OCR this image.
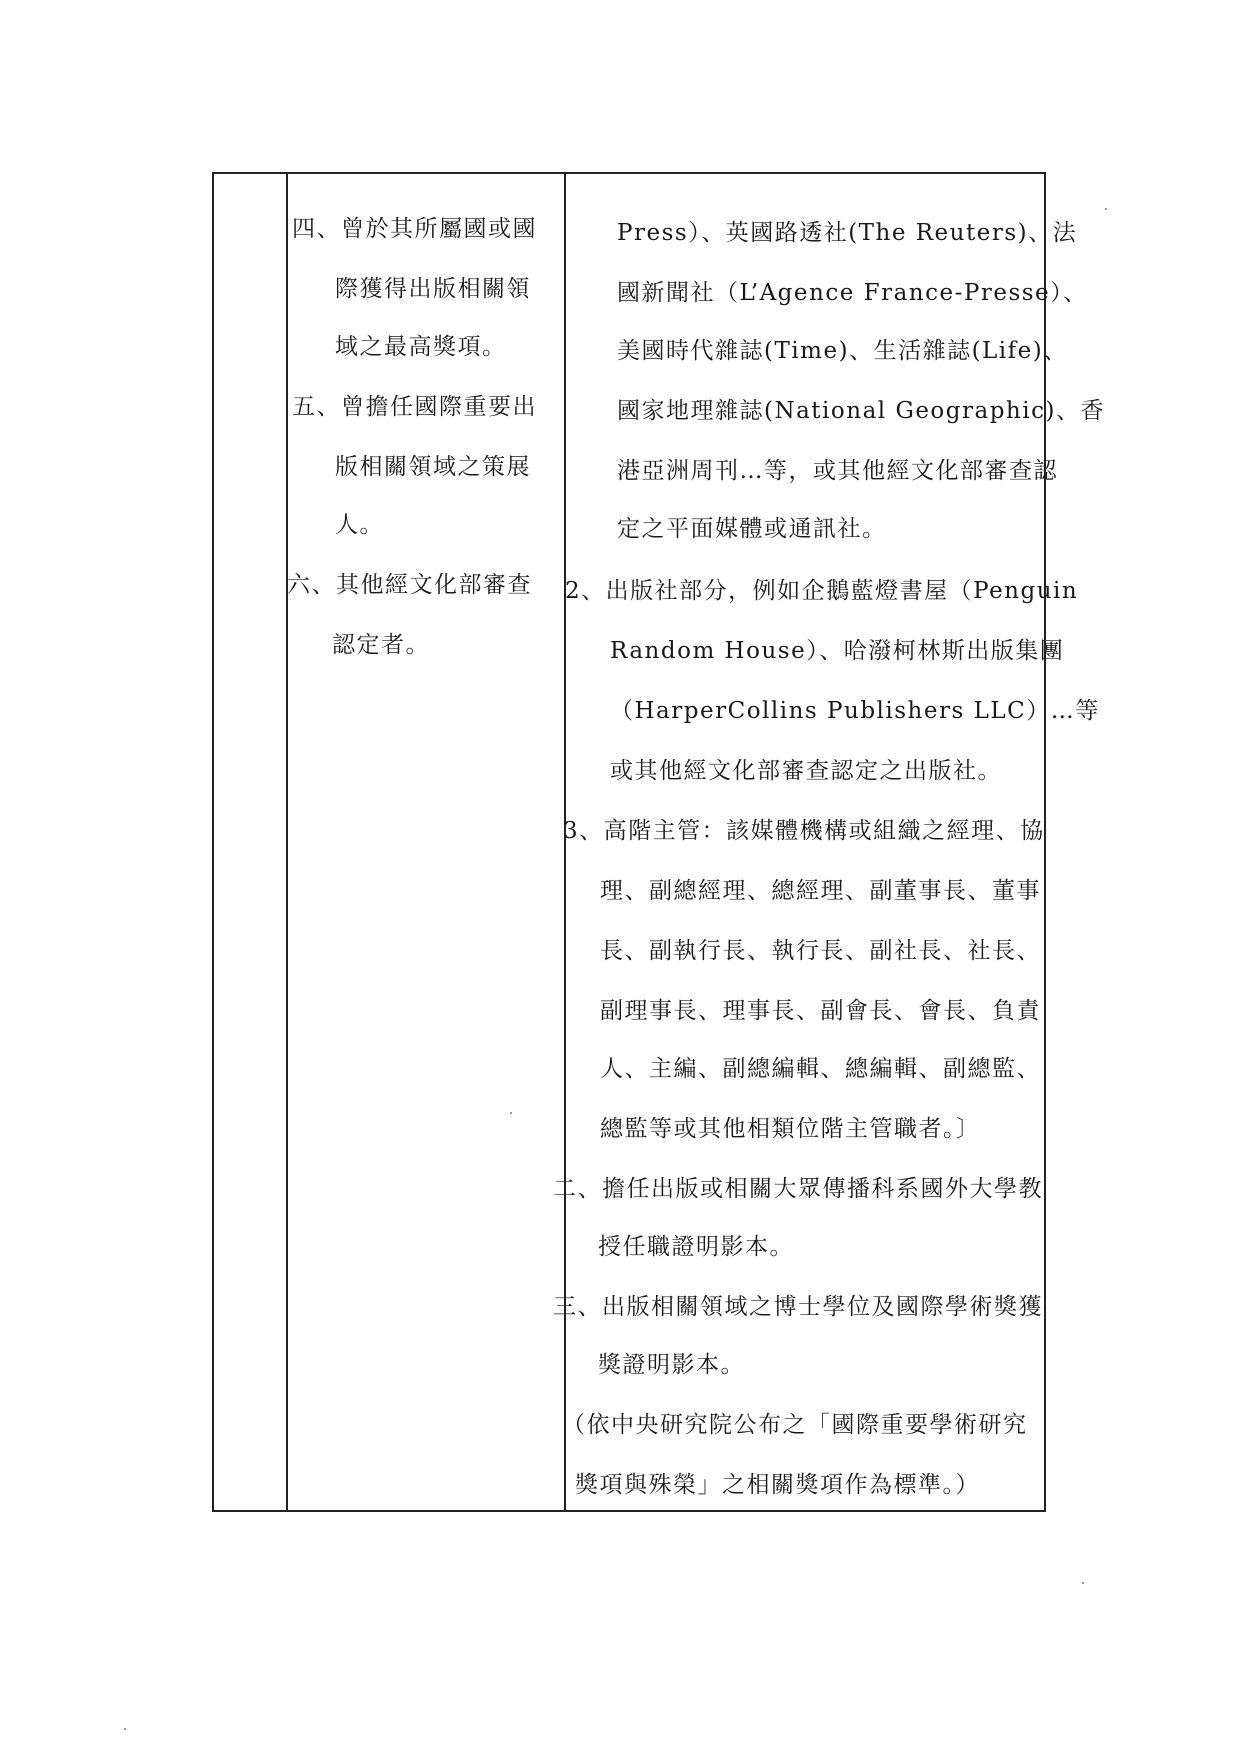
四、曾於其所屬國或國
際獲得出版相關領
域之最高獎項。
五、曾擔任國際重要出
版相關領域之策展
人。
六、其他經文化部審查
認定者。
Press）、英國路透社(The Reuters)、法
國新聞社（L’Agence France-Presse）、
美國時代雜誌(Time)、生活雜誌(Life)、
國家地理雜誌(National Geographic)、香
港亞洲周刊…等，或其他經文化部審查認
定之平面媒體或通訊社。
2、出版社部分，例如企鵝藍燈書屋（Penguin
Random House）、哈潑柯林斯出版集團
（HarperCollins Publishers LLC）…等
或其他經文化部審查認定之出版社。
3、高階主管：該媒體機構或組織之經理、協
理、副總經理、總經理、副董事長、董事
長、副執行長、執行長、副社長、社長、
副理事長、理事長、副會長、會長、負責
人、主編、副總編輯、總編輯、副總監、
總監等或其他相類位階主管職者。〕
二、擔任出版或相關大眾傳播科系國外大學教
授任職證明影本。
三、出版相關領域之博士學位及國際學術獎獲
獎證明影本。
（依中央研究院公布之「國際重要學術研究
獎項與殊榮」之相關獎項作為標準。）
